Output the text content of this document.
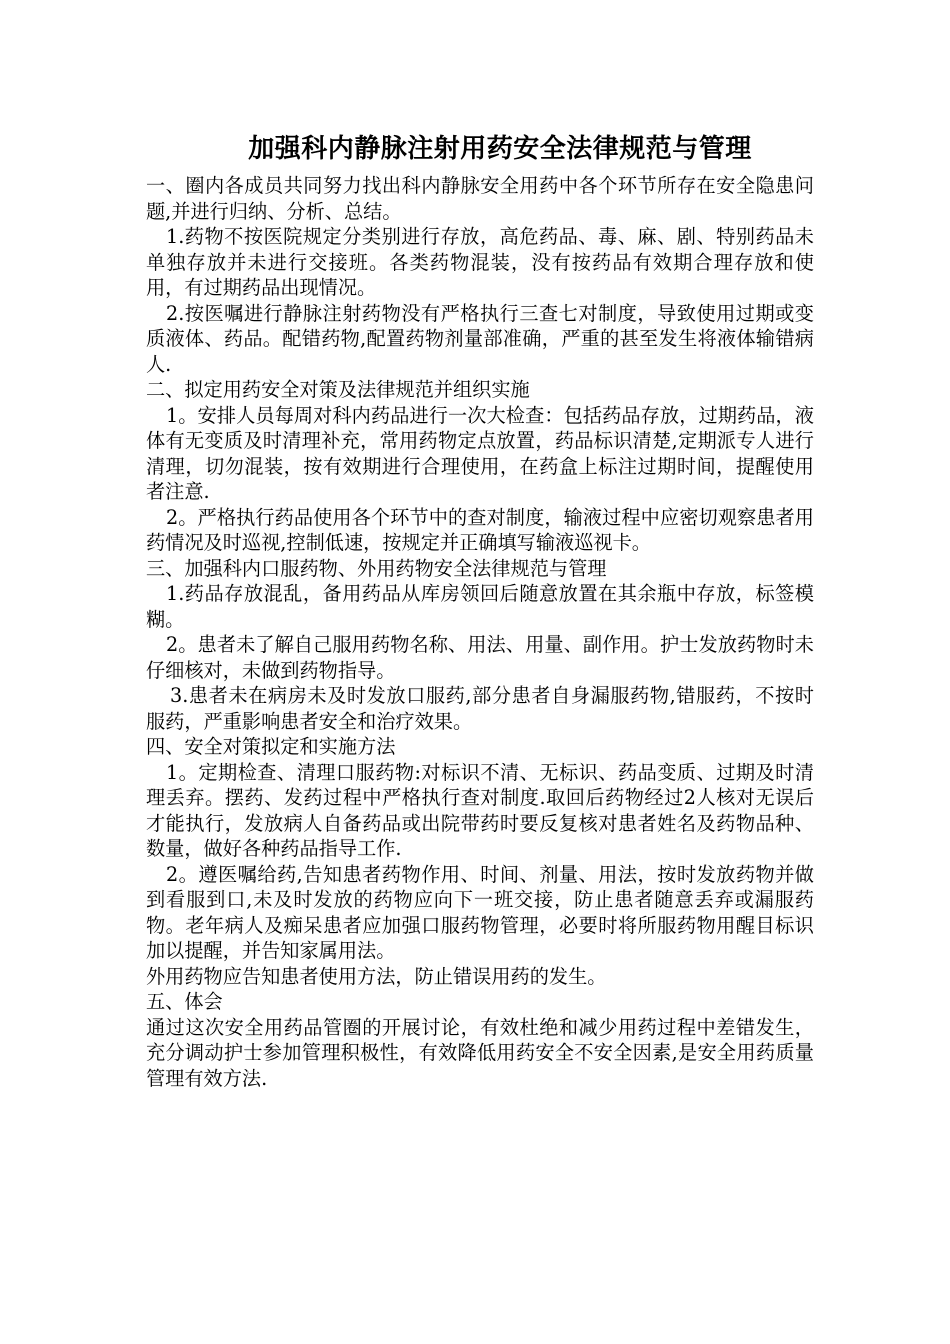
加强科内静脉注射用药安全法律规范与管理

一、圈内各成员共同努力找出科内静脉安全用药中各个环节所存在安全隐患问题,并进行归纳、分析、总结。

1.药物不按医院规定分类别进行存放，高危药品、毒、麻、剧、特别药品未单独存放并未进行交接班。各类药物混装，没有按药品有效期合理存放和使用，有过期药品出现情况。

2.按医嘱进行静脉注射药物没有严格执行三查七对制度，导致使用过期或变质液体、药品。配错药物,配置药物剂量部准确，严重的甚至发生将液体输错病人.

二、拟定用药安全对策及法律规范并组织实施

1。安排人员每周对科内药品进行一次大检查：包括药品存放，过期药品，液体有无变质及时清理补充，常用药物定点放置，药品标识清楚,定期派专人进行清理，切勿混装，按有效期进行合理使用，在药盒上标注过期时间，提醒使用者注意.

2。严格执行药品使用各个环节中的查对制度，输液过程中应密切观察患者用药情况及时巡视,控制低速，按规定并正确填写输液巡视卡。

三、加强科内口服药物、外用药物安全法律规范与管理

1.药品存放混乱，备用药品从库房领回后随意放置在其余瓶中存放，标签模糊。

2。患者未了解自己服用药物名称、用法、用量、副作用。护士发放药物时未仔细核对，未做到药物指导。

3.患者未在病房未及时发放口服药,部分患者自身漏服药物,错服药，不按时服药，严重影响患者安全和治疗效果。

四、安全对策拟定和实施方法

1。定期检查、清理口服药物:对标识不清、无标识、药品变质、过期及时清理丢弃。摆药、发药过程中严格执行查对制度.取回后药物经过2人核对无误后才能执行，发放病人自备药品或出院带药时要反复核对患者姓名及药物品种、数量，做好各种药品指导工作.

2。遵医嘱给药,告知患者药物作用、时间、剂量、用法，按时发放药物并做到看服到口,未及时发放的药物应向下一班交接，防止患者随意丢弃或漏服药物。老年病人及痴呆患者应加强口服药物管理，必要时将所服药物用醒目标识加以提醒，并告知家属用法。

外用药物应告知患者使用方法，防止错误用药的发生。

五、体会

通过这次安全用药品管圈的开展讨论，有效杜绝和减少用药过程中差错发生，充分调动护士参加管理积极性，有效降低用药安全不安全因素,是安全用药质量管理有效方法.
